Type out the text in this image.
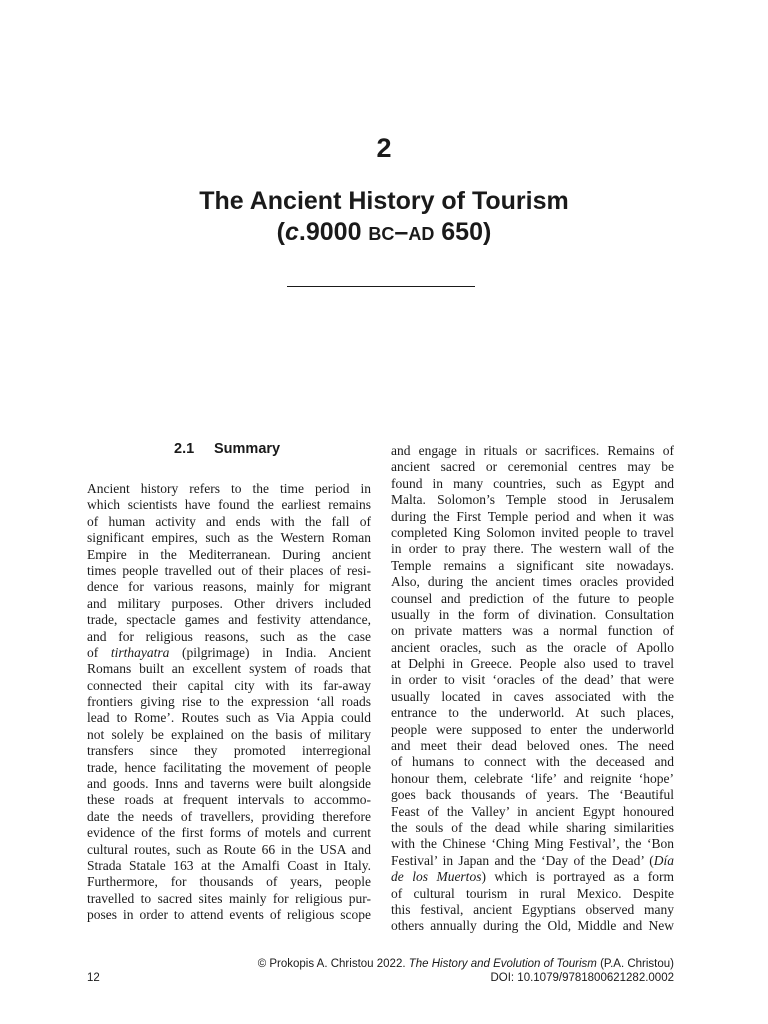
2
The Ancient History of Tourism
(c.9000 BC–AD 650)
2.1 Summary
Ancient history refers to the time period in
which scientists have found the earliest remains
of human activity and ends with the fall of
significant empires, such as the Western Roman
Empire in the Mediterranean. During ancient
times people travelled out of their places of resi-
dence for various reasons, mainly for migrant
and military purposes. Other drivers included
trade, spectacle games and festivity attendance,
and for religious reasons, such as the case
of tirthayatra (pilgrimage) in India. Ancient
Romans built an excellent system of roads that
connected their capital city with its far-away
frontiers giving rise to the expression ‘all roads
lead to Rome’. Routes such as Via Appia could
not solely be explained on the basis of military
transfers since they promoted interregional
trade, hence facilitating the movement of people
and goods. Inns and taverns were built alongside
these roads at frequent intervals to accommo-
date the needs of travellers, providing therefore
evidence of the first forms of motels and current
cultural routes, such as Route 66 in the USA and
Strada Statale 163 at the Amalfi Coast in Italy.
Furthermore, for thousands of years, people
travelled to sacred sites mainly for religious pur-
poses in order to attend events of religious scope
and engage in rituals or sacrifices. Remains of
ancient sacred or ceremonial centres may be
found in many countries, such as Egypt and
Malta. Solomon’s Temple stood in Jerusalem
during the First Temple period and when it was
completed King Solomon invited people to travel
in order to pray there. The western wall of the
Temple remains a significant site nowadays.
Also, during the ancient times oracles provided
counsel and prediction of the future to people
usually in the form of divination. Consultation
on private matters was a normal function of
ancient oracles, such as the oracle of Apollo
at Delphi in Greece. People also used to travel
in order to visit ‘oracles of the dead’ that were
usually located in caves associated with the
entrance to the underworld. At such places,
people were supposed to enter the underworld
and meet their dead beloved ones. The need
of humans to connect with the deceased and
honour them, celebrate ‘life’ and reignite ‘hope’
goes back thousands of years. The ‘Beautiful
Feast of the Valley’ in ancient Egypt honoured
the souls of the dead while sharing similarities
with the Chinese ‘Ching Ming Festival’, the ‘Bon
Festival’ in Japan and the ‘Day of the Dead’ (Día
de los Muertos) which is portrayed as a form
of cultural tourism in rural Mexico. Despite
this festival, ancient Egyptians observed many
others annually during the Old, Middle and New
© Prokopis A. Christou 2022. The History and Evolution of Tourism (P.A. Christou)
DOI: 10.1079/9781800621282.0002
12
